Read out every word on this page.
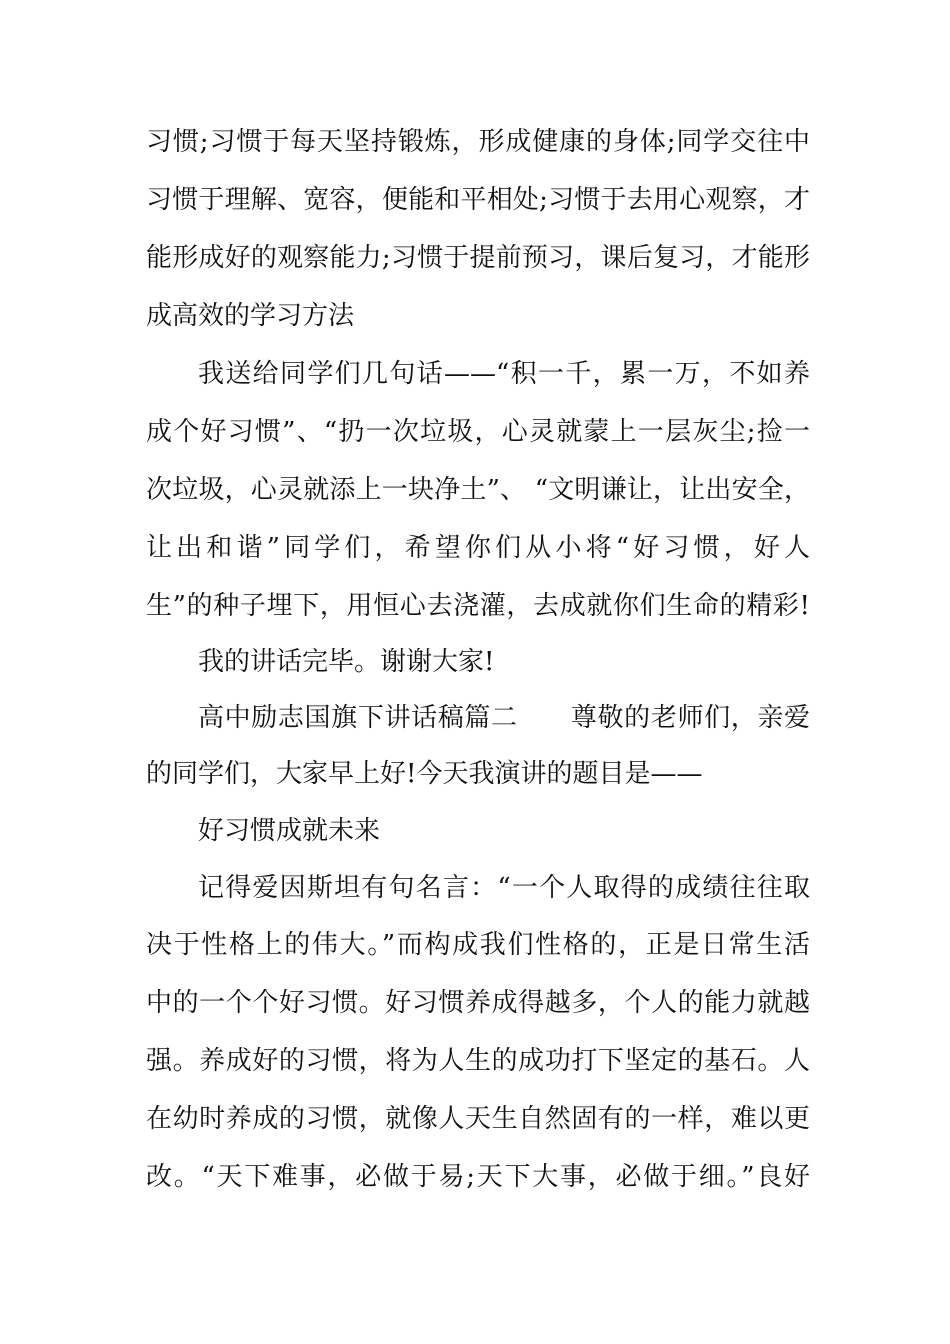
习惯;习惯于每天坚持锻炼，形成健康的身体;同学交往中
习惯于理解、宽容，便能和平相处;习惯于去用心观察，才
能形成好的观察能力;习惯于提前预习，课后复习，才能形
成高效的学习方法
我送给同学们几句话——“积一千，累一万，不如养
成个好习惯”、“扔一次垃圾，心灵就蒙上一层灰尘;捡一
次垃圾，心灵就添上一块净土”、 “文明谦让，让出安全，
让出和谐”同学们，希望你们从小将“好习惯，好人
生”的种子埋下，用恒心去浇灌，去成就你们生命的精彩!
我的讲话完毕。谢谢大家!
高中励志国旗下讲话稿篇二　　尊敬的老师们，亲爱
的同学们，大家早上好!今天我演讲的题目是——
好习惯成就未来
记得爱因斯坦有句名言：“一个人取得的成绩往往取
决于性格上的伟大。”而构成我们性格的，正是日常生活
中的一个个好习惯。好习惯养成得越多，个人的能力就越
强。养成好的习惯，将为人生的成功打下坚定的基石。人
在幼时养成的习惯，就像人天生自然固有的一样，难以更
改。“天下难事，必做于易;天下大事，必做于细。”良好
